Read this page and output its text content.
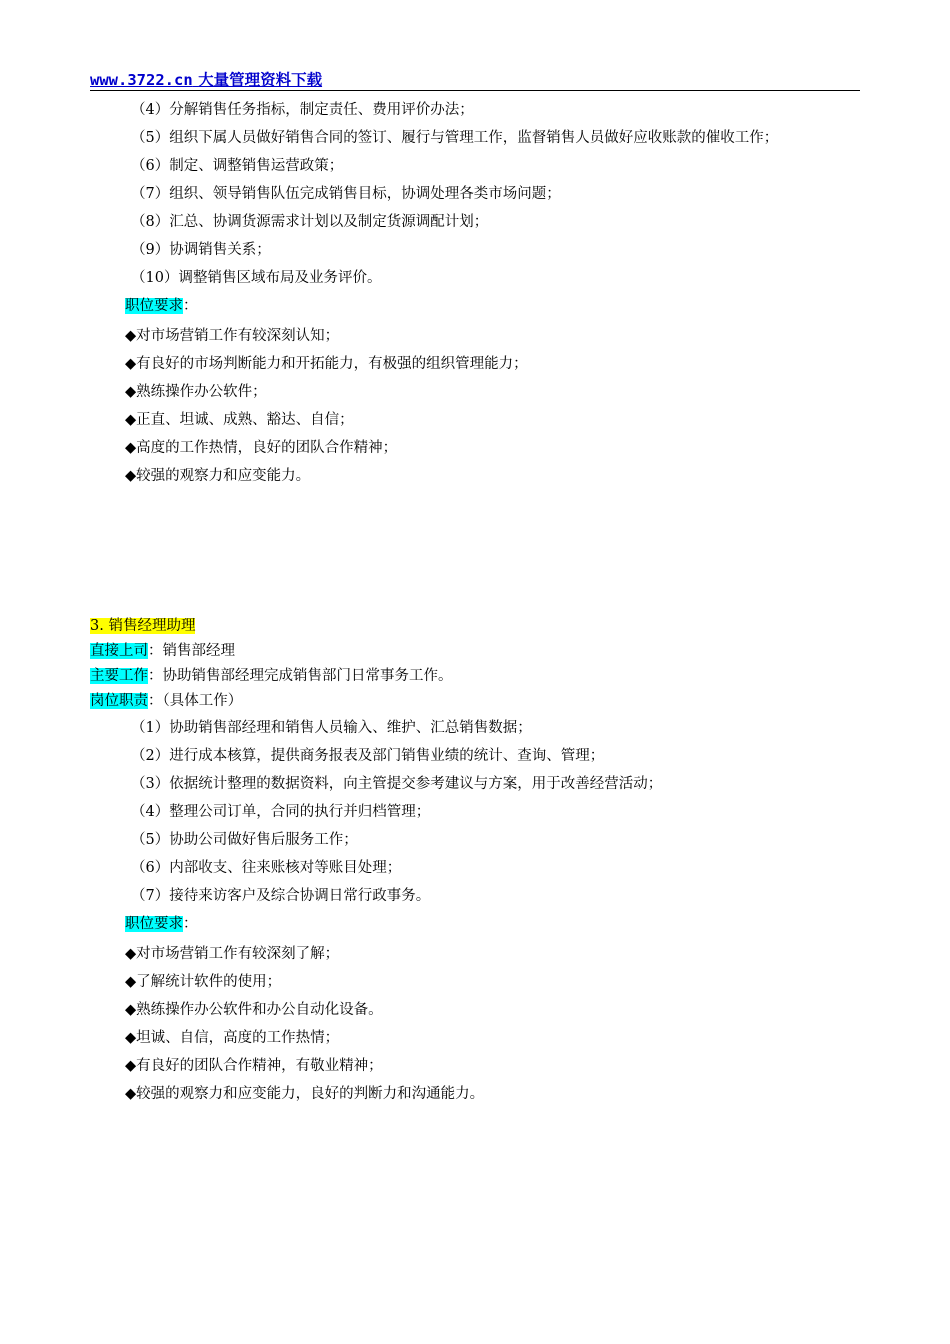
www.3722.cn 大量管理资料下载
（4）分解销售任务指标，制定责任、费用评价办法；
（5）组织下属人员做好销售合同的签订、履行与管理工作，监督销售人员做好应收账款的催收工作；
（6）制定、调整销售运营政策；
（7）组织、领导销售队伍完成销售目标，协调处理各类市场问题；
（8）汇总、协调货源需求计划以及制定货源调配计划；
（9）协调销售关系；
（10）调整销售区域布局及业务评价。
职位要求：
◆对市场营销工作有较深刻认知；
◆有良好的市场判断能力和开拓能力，有极强的组织管理能力；
◆熟练操作办公软件；
◆正直、坦诚、成熟、豁达、自信；
◆高度的工作热情，良好的团队合作精神；
◆较强的观察力和应变能力。
3. 销售经理助理
直接上司：销售部经理
主要工作：协助销售部经理完成销售部门日常事务工作。
岗位职责：（具体工作）
（1）协助销售部经理和销售人员输入、维护、汇总销售数据；
（2）进行成本核算，提供商务报表及部门销售业绩的统计、查询、管理；
（3）依据统计整理的数据资料，向主管提交参考建议与方案，用于改善经营活动；
（4）整理公司订单，合同的执行并归档管理；
（5）协助公司做好售后服务工作；
（6）内部收支、往来账核对等账目处理；
（7）接待来访客户及综合协调日常行政事务。
职位要求：
◆对市场营销工作有较深刻了解；
◆了解统计软件的使用；
◆熟练操作办公软件和办公自动化设备。
◆坦诚、自信，高度的工作热情；
◆有良好的团队合作精神，有敬业精神；
◆较强的观察力和应变能力，良好的判断力和沟通能力。
